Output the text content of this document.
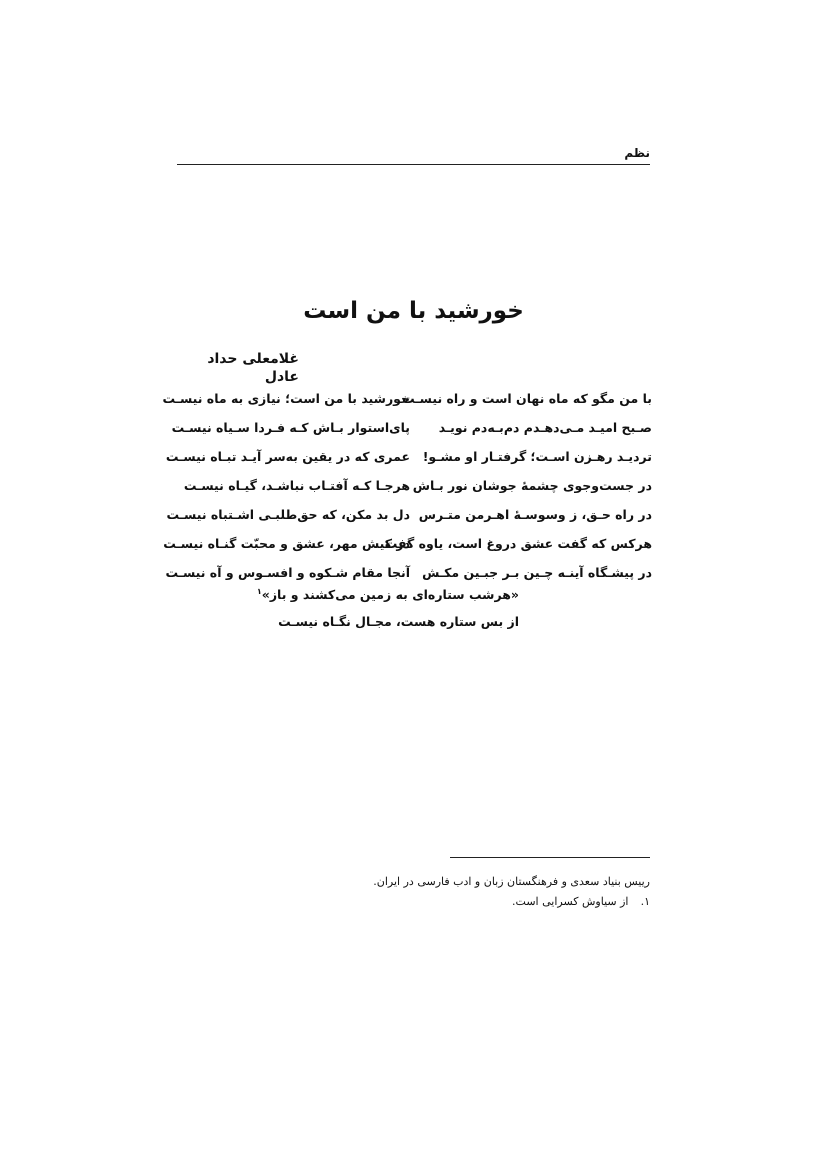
نظم
خورشید با من است
غلامعلی حداد عادل
با من مگو که ماه نهان است و راه نیسـت
خورشید با من است؛ نیازی به ماه نیسـت
صـبح امیـد مـی‌دهـدم دم‌بـه‌دم نویـد
پای‌استوار بـاش کـه فـردا سـیاه نیسـت
تردیـد رهـزن اسـت؛ گرفتـار او مشـو!
عمری که در یقین به‌سر آیـد تبـاه نیسـت
در جست‌وجوی چشمهٔ جوشان نور بـاش
هرجـا کـه آفتـاب نباشـد، گیـاه نیسـت
در راه حـق، ز وسوسـهٔ اهـرمن متـرس
دل بد مکن، که حق‌طلبـی اشـتباه نیسـت
هرکس که گفت عشق دروغ است، یاوه گفت
در کیش مهر، عشق و محبّت گنـاه نیسـت
در پیشـگاه آینـه چـین بـر جبـین مکـش
آنجا مقام شـکوه و افسـوس و آه نیسـت
«هرشب ستاره‌ای به زمین می‌کشند و باز»$^۱$
از بس ستاره هست، مجـال نگـاه نیسـت
رییس بنیاد سعدی و فرهنگستان زبان و ادب فارسی در ایران.
۱. از سیاوش کسرایی است.
